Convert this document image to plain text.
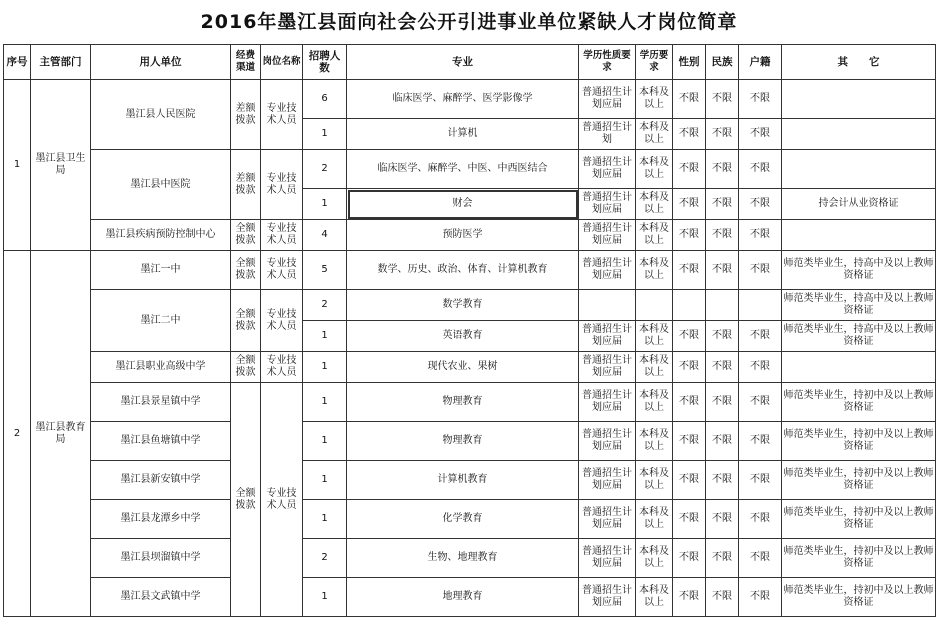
2016年墨江县面向社会公开引进事业单位紧缺人才岗位简章
序号	主管部门	用人单位	经费渠道	岗位名称	招聘人数	专业	学历性质要求	学历要求	性别	民族	户籍	其　　它
1	墨江县卫生局	墨江县人民医院	差额拨款	专业技术人员	6	临床医学、麻醉学、医学影像学	普通招生计划应届	本科及以上	不限	不限	不限	
					1	计算机	普通招生计划	本科及以上	不限	不限	不限	
		墨江县中医院	差额拨款	专业技术人员	2	临床医学、麻醉学、中医、中西医结合	普通招生计划应届	本科及以上	不限	不限	不限	
					1	财会	普通招生计划应届	本科及以上	不限	不限	不限	持会计从业资格证
		墨江县疾病预防控制中心	全额拨款	专业技术人员	4	预防医学	普通招生计划应届	本科及以上	不限	不限	不限	
2	墨江县教育局	墨江一中	全额拨款	专业技术人员	5	数学、历史、政治、体育、计算机教育	普通招生计划应届	本科及以上	不限	不限	不限	师范类毕业生，持高中及以上教师资格证
		墨江二中	全额拨款	专业技术人员	2	数学教育						师范类毕业生，持高中及以上教师资格证
					1	英语教育	普通招生计划应届	本科及以上	不限	不限	不限	师范类毕业生，持高中及以上教师资格证
		墨江县职业高级中学	全额拨款	专业技术人员	1	现代农业、果树	普通招生计划应届	本科及以上	不限	不限	不限	
		墨江县景星镇中学	全额拨款	专业技术人员	1	物理教育	普通招生计划应届	本科及以上	不限	不限	不限	师范类毕业生，持初中及以上教师资格证
		墨江县鱼塘镇中学			1	物理教育	普通招生计划应届	本科及以上	不限	不限	不限	师范类毕业生，持初中及以上教师资格证
		墨江县新安镇中学			1	计算机教育	普通招生计划应届	本科及以上	不限	不限	不限	师范类毕业生，持初中及以上教师资格证
		墨江县龙潭乡中学			1	化学教育	普通招生计划应届	本科及以上	不限	不限	不限	师范类毕业生，持初中及以上教师资格证
		墨江县坝溜镇中学			2	生物、地理教育	普通招生计划应届	本科及以上	不限	不限	不限	师范类毕业生，持初中及以上教师资格证
		墨江县文武镇中学			1	地理教育	普通招生计划应届	本科及以上	不限	不限	不限	师范类毕业生，持初中及以上教师资格证
